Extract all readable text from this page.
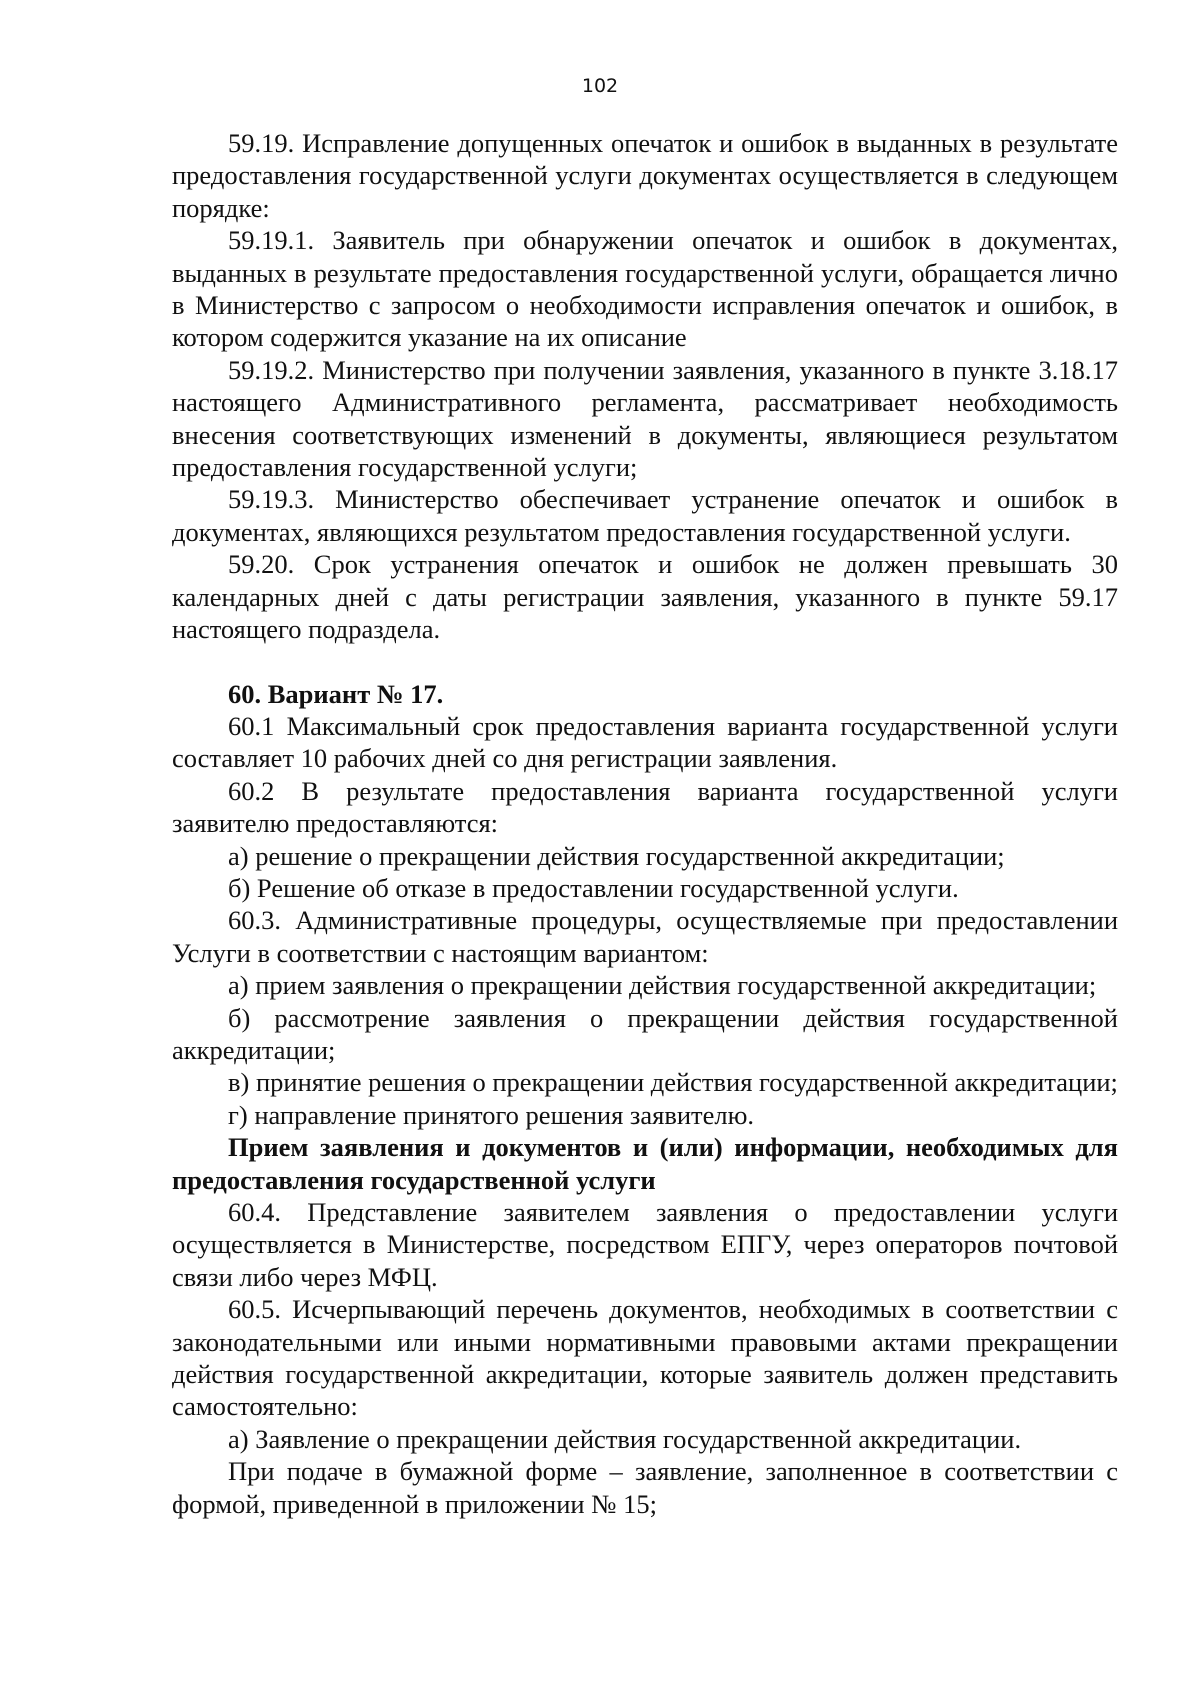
102

59.19. Исправление допущенных опечаток и ошибок в выданных в результате предоставления государственной услуги документах осуществляется в следующем порядке:

59.19.1. Заявитель при обнаружении опечаток и ошибок в документах, выданных в результате предоставления государственной услуги, обращается лично в Министерство с запросом о необходимости исправления опечаток и ошибок, в котором содержится указание на их описание

59.19.2. Министерство при получении заявления, указанного в пункте 3.18.17 настоящего Административного регламента, рассматривает необходимость внесения соответствующих изменений в документы, являющиеся результатом предоставления государственной услуги;

59.19.3. Министерство обеспечивает устранение опечаток и ошибок в документах, являющихся результатом предоставления государственной услуги.

59.20. Срок устранения опечаток и ошибок не должен превышать 30 календарных дней с даты регистрации заявления, указанного в пункте 59.17 настоящего подраздела.

60. Вариант № 17.

60.1 Максимальный срок предоставления варианта государственной услуги составляет 10 рабочих дней со дня регистрации заявления.

60.2 В результате предоставления варианта государственной услуги заявителю предоставляются:

а) решение о прекращении действия государственной аккредитации;

б) Решение об отказе в предоставлении государственной услуги.

60.3. Административные процедуры, осуществляемые при предоставлении Услуги в соответствии с настоящим вариантом:

а) прием заявления о прекращении действия государственной аккредитации;

б) рассмотрение заявления о прекращении действия государственной аккредитации;

в) принятие решения о прекращении действия государственной аккредитации;

г) направление принятого решения заявителю.

Прием заявления и документов и (или) информации, необходимых для предоставления государственной услуги

60.4. Представление заявителем заявления о предоставлении услуги осуществляется в Министерстве, посредством ЕПГУ, через операторов почтовой связи либо через МФЦ.

60.5. Исчерпывающий перечень документов, необходимых в соответствии с законодательными или иными нормативными правовыми актами прекращении действия государственной аккредитации, которые заявитель должен представить самостоятельно:

а) Заявление о прекращении действия государственной аккредитации.

При подаче в бумажной форме – заявление, заполненное в соответствии с формой, приведенной в приложении № 15;
